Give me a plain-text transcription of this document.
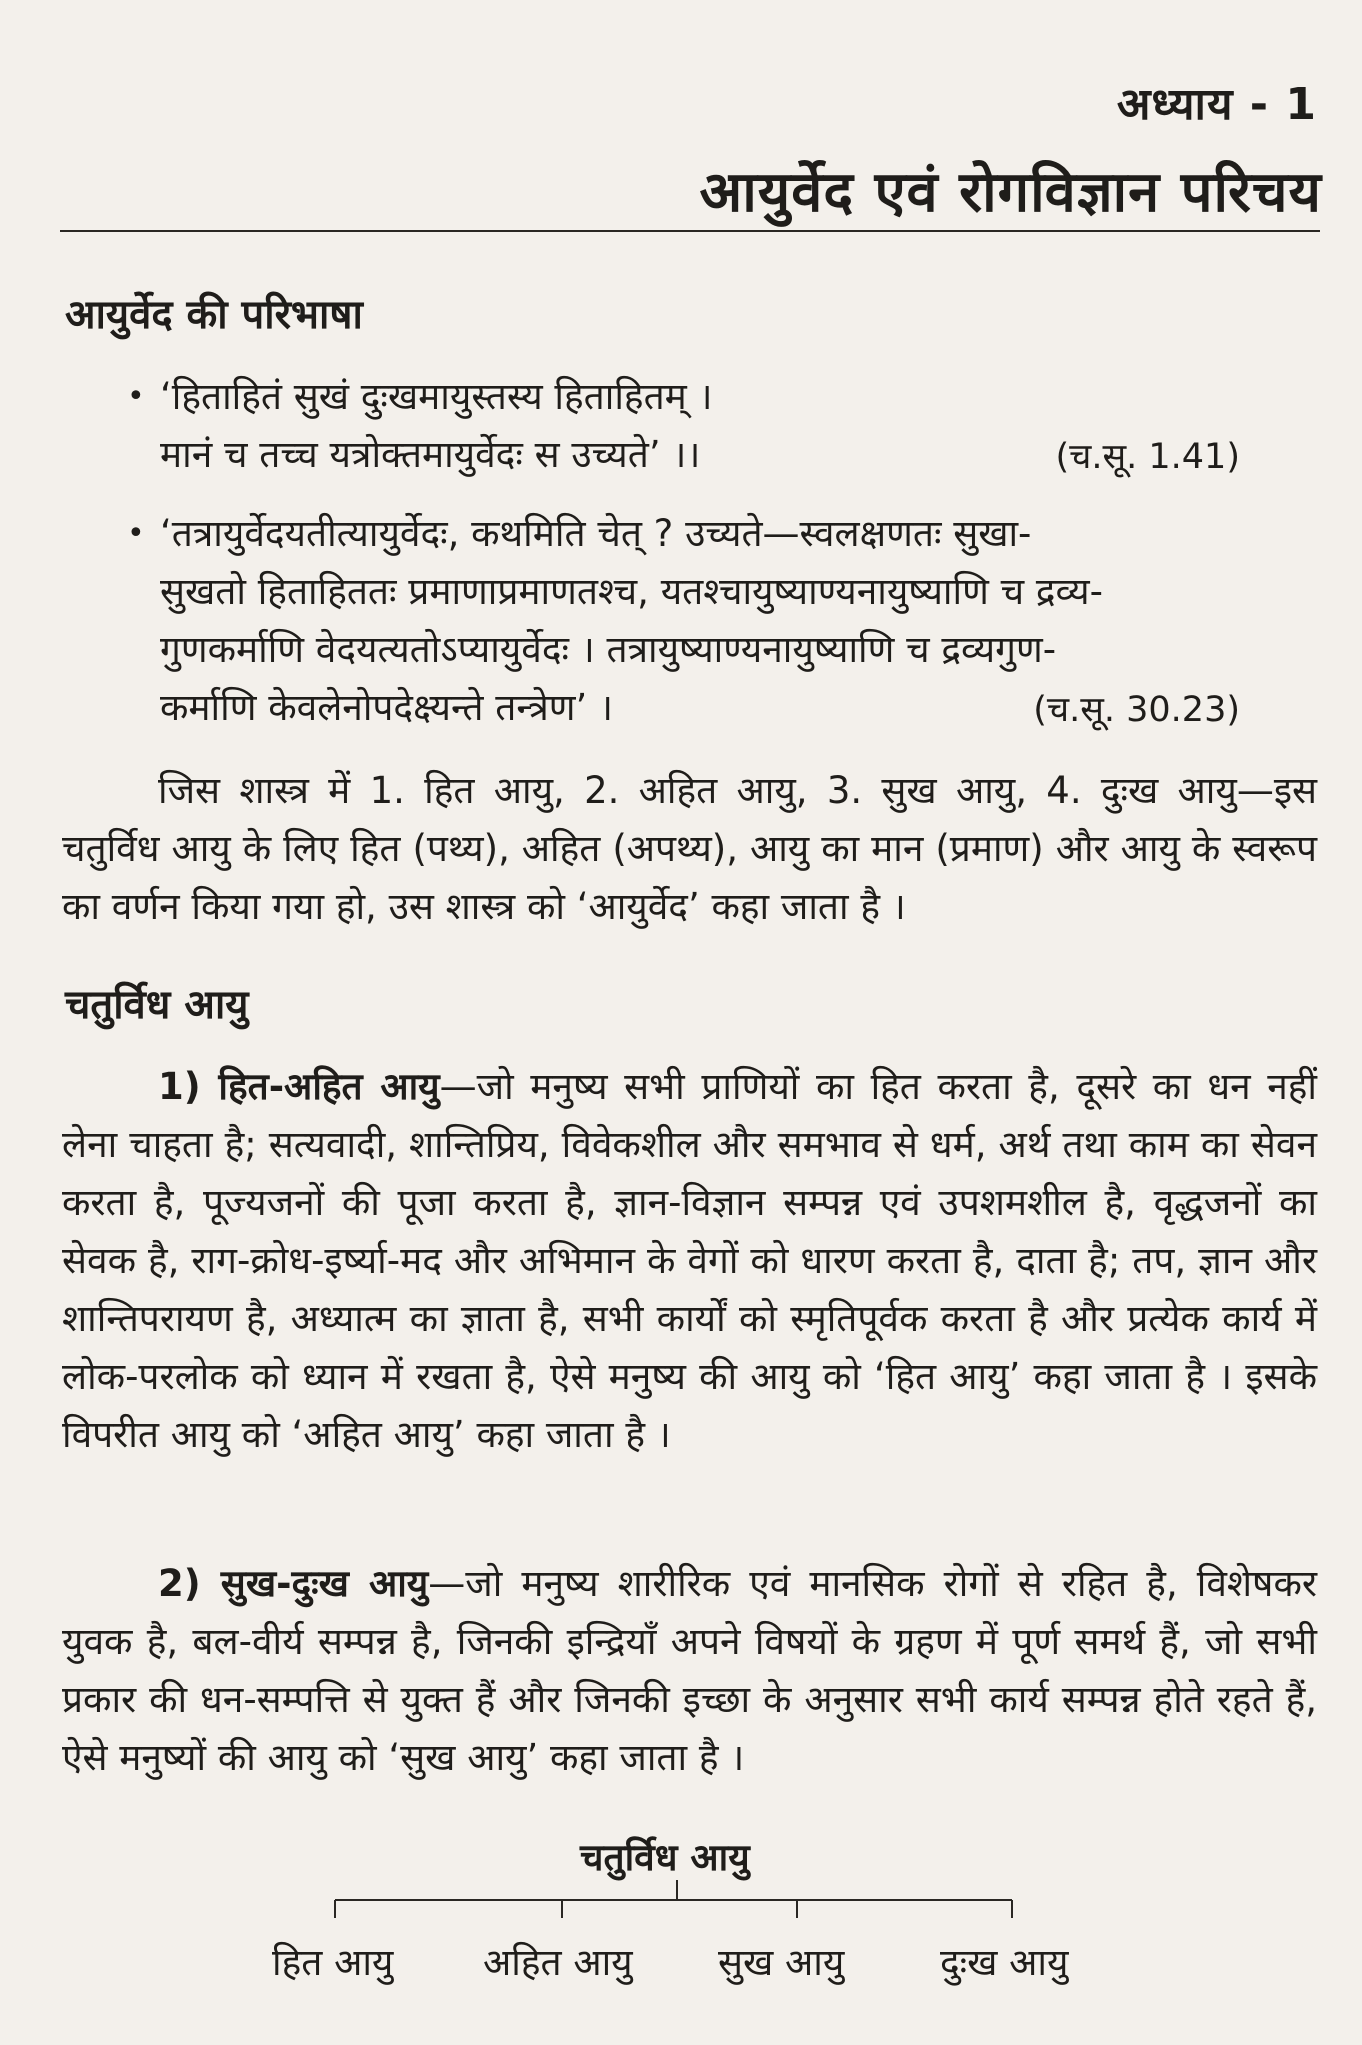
अध्याय - 1
आयुर्वेद एवं रोगविज्ञान परिचय
आयुर्वेद की परिभाषा
• ‘हिताहितं सुखं दुःखमायुस्तस्य हिताहितम् ।
मानं च तच्च यत्रोक्तमायुर्वेदः स उच्यते’ ।।	(च.सू. 1.41)
• ‘तत्रायुर्वेदयतीत्यायुर्वेदः, कथमिति चेत् ? उच्यते—स्वलक्षणतः सुखा-
सुखतो हिताहिततः प्रमाणाप्रमाणतश्च, यतश्चायुष्याण्यनायुष्याणि च द्रव्य-
गुणकर्माणि वेदयत्यतोऽप्यायुर्वेदः । तत्रायुष्याण्यनायुष्याणि च द्रव्यगुण-
कर्माणि केवलेनोपदेक्ष्यन्ते तन्त्रेण’ ।	(च.सू. 30.23)
जिस शास्त्र में 1. हित आयु, 2. अहित आयु, 3. सुख आयु, 4. दुःख आयु—इस चतुर्विध आयु के लिए हित (पथ्य), अहित (अपथ्य), आयु का मान (प्रमाण) और आयु के स्वरूप का वर्णन किया गया हो, उस शास्त्र को ‘आयुर्वेद’ कहा जाता है ।
चतुर्विध आयु
1) हित-अहित आयु—जो मनुष्य सभी प्राणियों का हित करता है, दूसरे का धन नहीं लेना चाहता है; सत्यवादी, शान्तिप्रिय, विवेकशील और समभाव से धर्म, अर्थ तथा काम का सेवन करता है, पूज्यजनों की पूजा करता है, ज्ञान-विज्ञान सम्पन्न एवं उपशमशील है, वृद्धजनों का सेवक है, राग-क्रोध-इर्ष्या-मद और अभिमान के वेगों को धारण करता है, दाता है; तप, ज्ञान और शान्तिपरायण है, अध्यात्म का ज्ञाता है, सभी कार्यों को स्मृतिपूर्वक करता है और प्रत्येक कार्य में लोक-परलोक को ध्यान में रखता है, ऐसे मनुष्य की आयु को ‘हित आयु’ कहा जाता है । इसके विपरीत आयु को ‘अहित आयु’ कहा जाता है ।
2) सुख-दुःख आयु—जो मनुष्य शारीरिक एवं मानसिक रोगों से रहित है, विशेषकर युवक है, बल-वीर्य सम्पन्न है, जिनकी इन्द्रियाँ अपने विषयों के ग्रहण में पूर्ण समर्थ हैं, जो सभी प्रकार की धन-सम्पत्ति से युक्त हैं और जिनकी इच्छा के अनुसार सभी कार्य सम्पन्न होते रहते हैं, ऐसे मनुष्यों की आयु को ‘सुख आयु’ कहा जाता है ।
चतुर्विध आयु
हित आयु अहित आयु सुख आयु	दुःख आयु
